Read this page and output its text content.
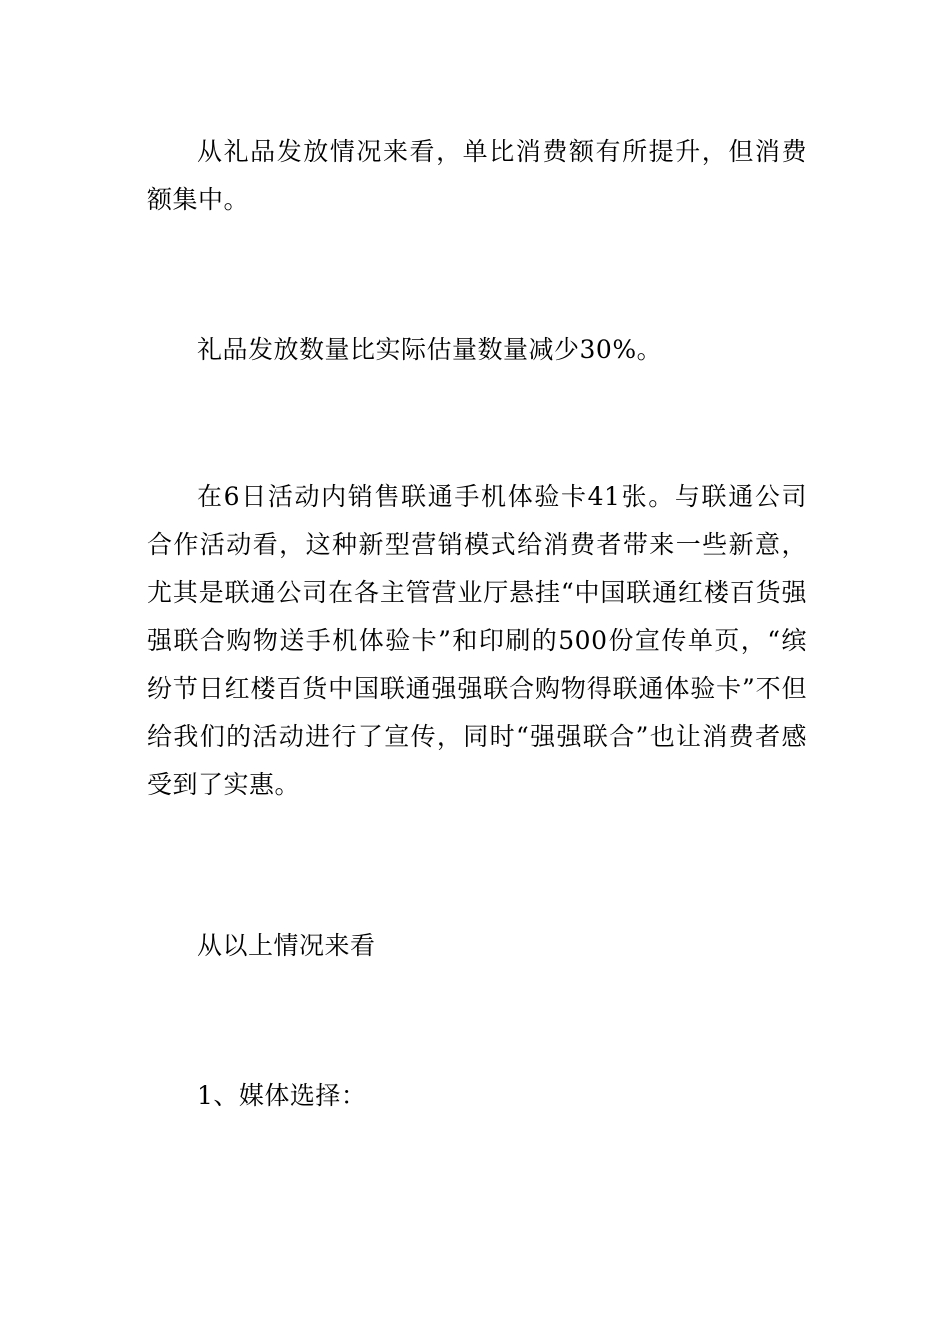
从礼品发放情况来看，单比消费额有所提升，但消费额集中。

礼品发放数量比实际估量数量减少30%。

在6日活动内销售联通手机体验卡41张。与联通公司合作活动看，这种新型营销模式给消费者带来一些新意，尤其是联通公司在各主管营业厅悬挂“中国联通红楼百货强强联合购物送手机体验卡”和印刷的500份宣传单页，“缤纷节日红楼百货中国联通强强联合购物得联通体验卡”不但给我们的活动进行了宣传，同时“强强联合”也让消费者感受到了实惠。

从以上情况来看

1、媒体选择：
